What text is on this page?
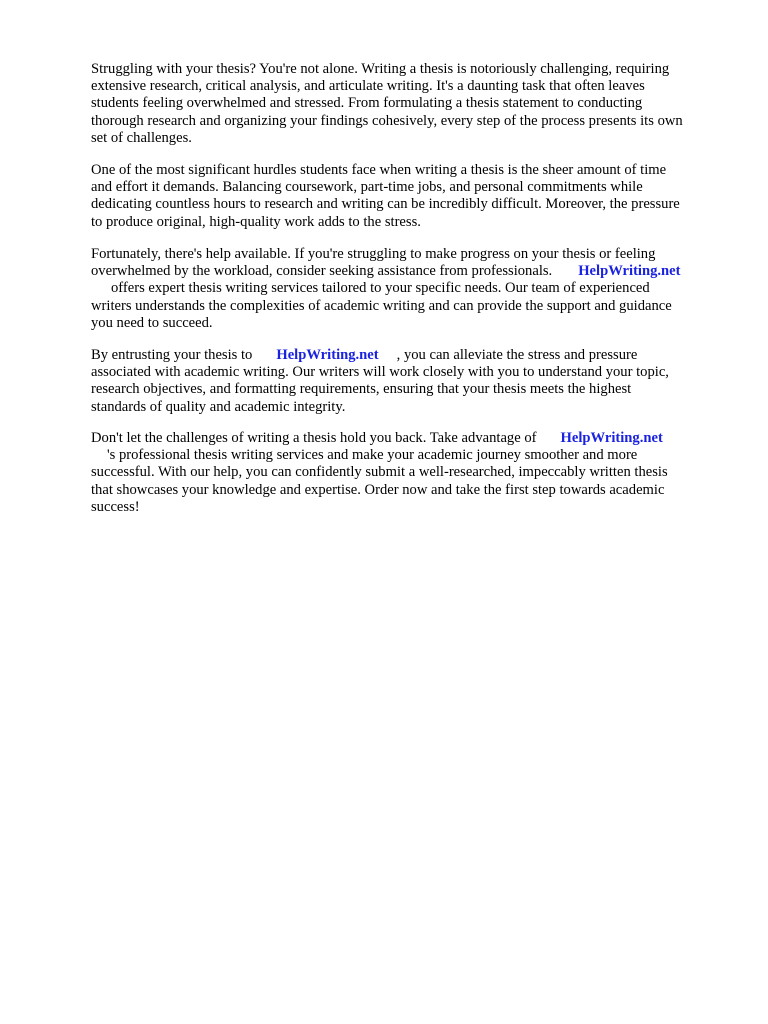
Struggling with your thesis? You're not alone. Writing a thesis is notoriously challenging, requiring
extensive research, critical analysis, and articulate writing. It's a daunting task that often leaves
students feeling overwhelmed and stressed. From formulating a thesis statement to conducting
thorough research and organizing your findings cohesively, every step of the process presents its own
set of challenges.
One of the most significant hurdles students face when writing a thesis is the sheer amount of time
and effort it demands. Balancing coursework, part-time jobs, and personal commitments while
dedicating countless hours to research and writing can be incredibly difficult. Moreover, the pressure
to produce original, high-quality work adds to the stress.
Fortunately, there's help available. If you're struggling to make progress on your thesis or feeling
overwhelmed by the workload, consider seeking assistance from professionals. HelpWriting.net
offers expert thesis writing services tailored to your specific needs. Our team of experienced
writers understands the complexities of academic writing and can provide the support and guidance
you need to succeed.
By entrusting your thesis to HelpWriting.net , you can alleviate the stress and pressure
associated with academic writing. Our writers will work closely with you to understand your topic,
research objectives, and formatting requirements, ensuring that your thesis meets the highest
standards of quality and academic integrity.
Don't let the challenges of writing a thesis hold you back. Take advantage of HelpWriting.net
's professional thesis writing services and make your academic journey smoother and more
successful. With our help, you can confidently submit a well-researched, impeccably written thesis
that showcases your knowledge and expertise. Order now and take the first step towards academic
success!
